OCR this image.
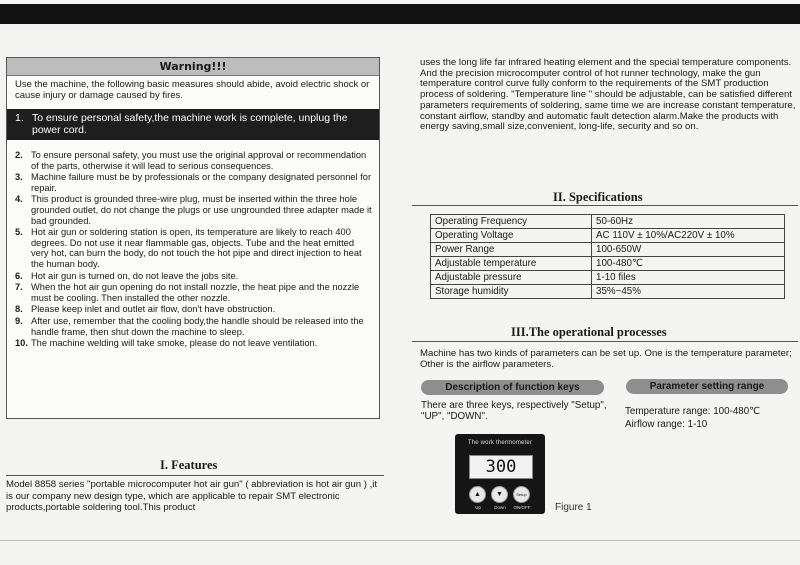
Warning!!!
Use the machine, the following basic measures should abide, avoid electric shock or cause injury or damage caused by fires.
1. To ensure personal safety,the machine work is complete, unplug the power cord.
2. To ensure personal safety, you must use the original approval or recommendation of the parts, otherwise it will lead to serious consequences.
3. Machine failure must be by professionals or the company designated personnel for repair.
4. This product is grounded three-wire plug, must be inserted within the three hole grounded outlet, do not change the plugs or use ungrounded three adapter made it bad grounded.
5. Hot air gun or soldering station is open, its temperature are likely to reach 400 degrees. Do not use it near flammable gas, objects. Tube and the heat emitted very hot, can burn the body, do not touch the hot pipe and direct injection to heat the human body.
6. Hot air gun is turned on, do not leave the jobs site.
7. When the hot air gun opening do not install nozzle, the heat pipe and the nozzle must be cooling. Then installed the other nozzle.
8. Please keep inlet and outlet air flow, don't have obstruction.
9. After use, remember that the cooling body,the handle should be released into the handle frame, then shut down the machine to sleep.
10. The machine welding will take smoke, please do not leave ventilation.
I. Features
Model 8858 series "portable microcomputer hot air gun" ( abbreviation is hot air gun ) ,it is our company new design type, which are applicable to repair SMT electronic products,portable soldering tool.This product
uses the long life far infrared heating element and the special temperature components. And the precision microcomputer control of hot runner technology, make the gun temperature control curve fully conform to the requirements of the SMT production process of soldering. "Temperature line " should be adjustable, can be satisfied different parameters requirements of soldering, same time we are increase constant temperature, constant airflow, standby and automatic fault detection alarm.Make the products with energy saving,small size,convenient, long-life, security and so on.
II. Specifications
Operating Frequency	50-60Hz
Operating Voltage	AC 110V ± 10%/AC220V ± 10%
Power Range	100-650W
Adjustable temperature	100-480℃
Adjustable pressure	1-10 files
Storage humidity	35%~45%
III.The operational processes
Machine has two kinds of parameters can be set up. One is the temperature parameter; Other is the airflow parameters.
Description of function keys	Parameter setting range
There are three keys, respectively "Setup", "UP", "DOWN".	Temperature range: 100-480℃
Airflow range: 1-10
The work thermometer
300
▲	▼	Setup
Up	Down	ON/OFF	Figure 1
